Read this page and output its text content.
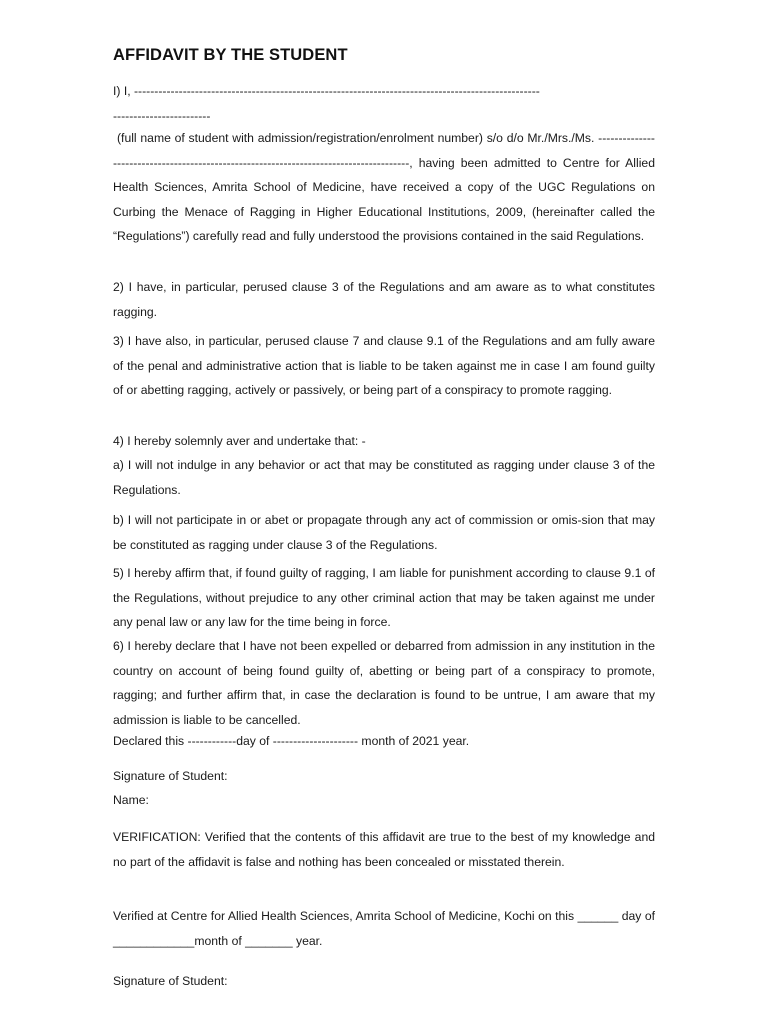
AFFIDAVIT BY THE STUDENT

I) I, ----------------------------------------------------------------------------------------------------

------------------------

(full name of student with admission/registration/enrolment number) s/o d/o Mr./Mrs./Ms. ---------------------------------------------------------------------------------------, having been admitted to Centre for Allied Health Sciences, Amrita School of Medicine, have received a copy of the UGC Regulations on Curbing the Menace of Ragging in Higher Educational Institutions, 2009, (hereinafter called the “Regulations”) carefully read and fully understood the provisions contained in the said Regulations.

2) I have, in particular, perused clause 3 of the Regulations and am aware as to what constitutes ragging.

3) I have also, in particular, perused clause 7 and clause 9.1 of the Regulations and am fully aware of the penal and administrative action that is liable to be taken against me in case I am found guilty of or abetting ragging, actively or passively, or being part of a conspiracy to promote ragging.

4) I hereby solemnly aver and undertake that: -

a) I will not indulge in any behavior or act that may be constituted as ragging under clause 3 of the Regulations.

b) I will not participate in or abet or propagate through any act of commission or omis-sion that may be constituted as ragging under clause 3 of the Regulations.

5) I hereby affirm that, if found guilty of ragging, I am liable for punishment according to clause 9.1 of the Regulations, without prejudice to any other criminal action that may be taken against me under any penal law or any law for the time being in force.

6) I hereby declare that I have not been expelled or debarred from admission in any institution in the country on account of being found guilty of, abetting or being part of a conspiracy to promote, ragging; and further affirm that, in case the declaration is found to be untrue, I am aware that my admission is liable to be cancelled.

Declared this ------------day of --------------------- month of 2021 year.

Signature of Student:

Name:

VERIFICATION: Verified that the contents of this affidavit are true to the best of my knowledge and no part of the affidavit is false and nothing has been concealed or misstated therein.

Verified at Centre for Allied Health Sciences, Amrita School of Medicine, Kochi on this ______ day of ____________month of _______ year.

Signature of Student:
